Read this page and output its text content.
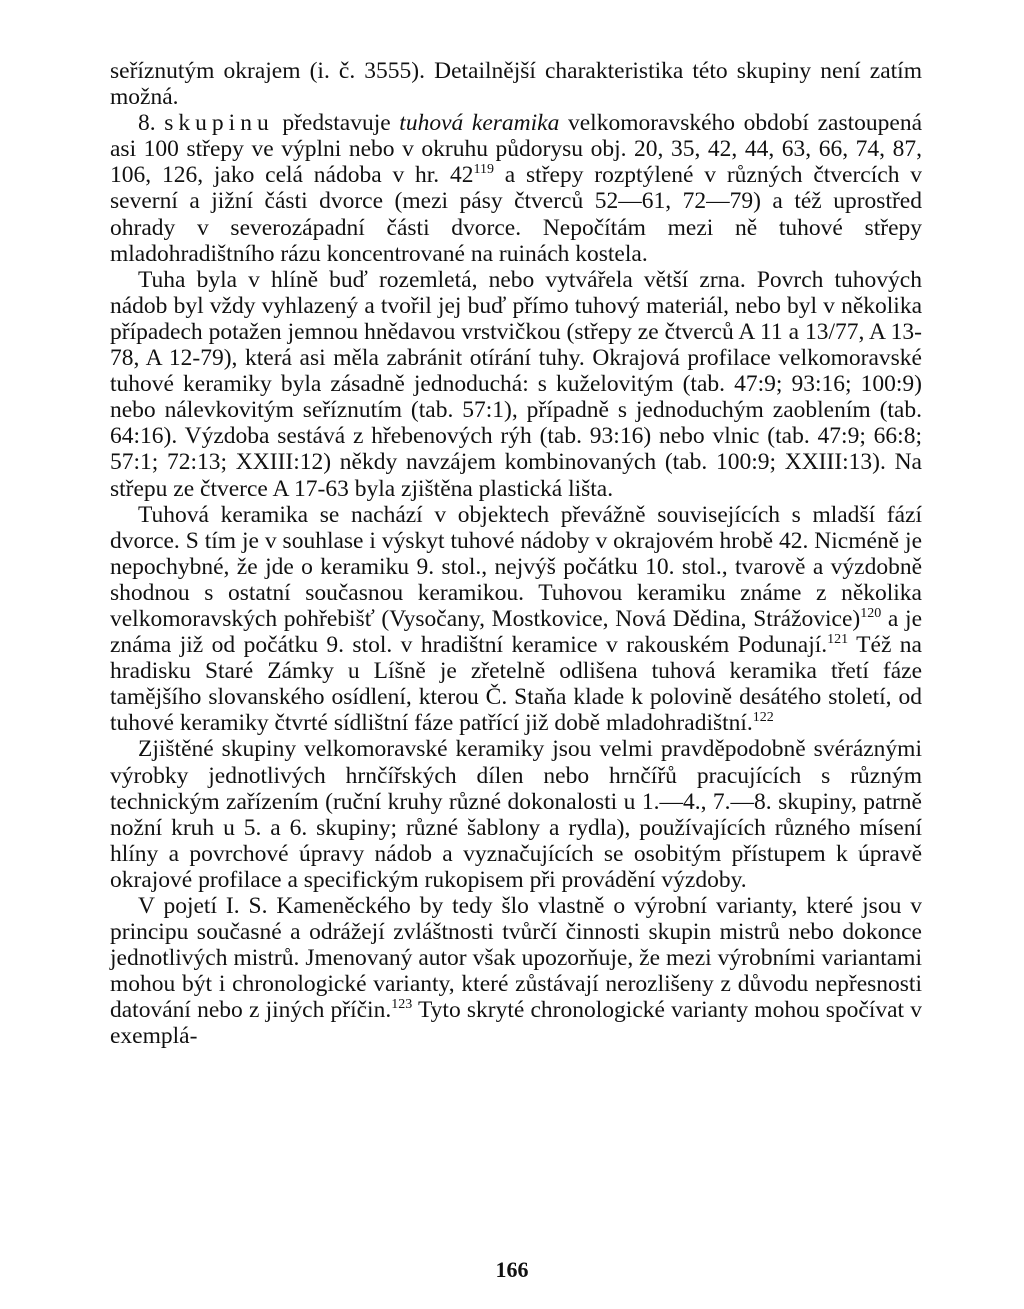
seříznutým okrajem (i. č. 3555). Detailnější charakteristika této skupiny není zatím možná.

8. skupinu představuje tuhová keramika velkomoravského období zastoupená asi 100 střepy ve výplni nebo v okruhu půdorysu obj. 20, 35, 42, 44, 63, 66, 74, 87, 106, 126, jako celá nádoba v hr. $42^{119}$ a střepy rozptýlené v různých čtvercích v severní a jižní části dvorce (mezi pásy čtverců 52—61, 72—79) a též uprostřed ohrady v severozápadní části dvorce. Nepočítám mezi ně tuhové střepy mladohradištního rázu koncentrované na ruinách kostela.

Tuha byla v hlíně buď rozemletá, nebo vytvářela větší zrna. Povrch tuhových nádob byl vždy vyhlazený a tvořil jej buď přímo tuhový materiál, nebo byl v několika případech potažen jemnou hnědavou vrstvičkou (střepy ze čtverců A 11 a 13/77, A 13-78, A 12-79), která asi měla zabránit otírání tuhy. Okrajová profilace velkomoravské tuhové keramiky byla zásadně jednoduchá: s kuželovitým (tab. 47:9; 93:16; 100:9) nebo nálevkovitým seříznutím (tab. 57:1), případně s jednoduchým zaoblením (tab. 64:16). Výzdoba sestává z hřebenových rýh (tab. 93:16) nebo vlnic (tab. 47:9; 66:8; 57:1; 72:13; XXIII:12) někdy navzájem kombinovaných (tab. 100:9; XXIII:13). Na střepu ze čtverce A 17-63 byla zjištěna plastická lišta.

Tuhová keramika se nachází v objektech převážně souvisejících s mladší fází dvorce. S tím je v souhlase i výskyt tuhové nádoby v okrajovém hrobě 42. Nicméně je nepochybné, že jde o keramiku 9. stol., nejvýš počátku 10. stol., tvarově a výzdobně shodnou s ostatní současnou keramikou. Tuhovou keramiku známe z několika velkomoravských pohřebišť (Vysočany, Mostkovice, Nová Dědina, Strážovice)$^{120}$ a je známa již od počátku 9. stol. v hradištní keramice v rakouském Podunají.$^{121}$ Též na hradisku Staré Zámky u Líšně je zřetelně odlišena tuhová keramika třetí fáze tamějšího slovanského osídlení, kterou Č. Staňa klade k polovině desátého století, od tuhové keramiky čtvrté sídlištní fáze patřící již době mladohradištní.$^{122}$

Zjištěné skupiny velkomoravské keramiky jsou velmi pravděpodobně svéráznými výrobky jednotlivých hrnčířských dílen nebo hrnčířů pracujících s různým technickým zařízením (ruční kruhy různé dokonalosti u 1.—4., 7.—8. skupiny, patrně nožní kruh u 5. a 6. skupiny; různé šablony a rydla), používajících různého mísení hlíny a povrchové úpravy nádob a vyznačujících se osobitým přístupem k úpravě okrajové profilace a specifickým rukopisem při provádění výzdoby.

V pojetí I. S. Kameněckého by tedy šlo vlastně o výrobní varianty, které jsou v principu současné a odrážejí zvláštnosti tvůrčí činnosti skupin mistrů nebo dokonce jednotlivých mistrů. Jmenovaný autor však upozorňuje, že mezi výrobními variantami mohou být i chronologické varianty, které zůstávají nerozlišeny z důvodu nepřesnosti datování nebo z jiných příčin.$^{123}$ Tyto skryté chronologické varianty mohou spočívat v exemplá-

166
